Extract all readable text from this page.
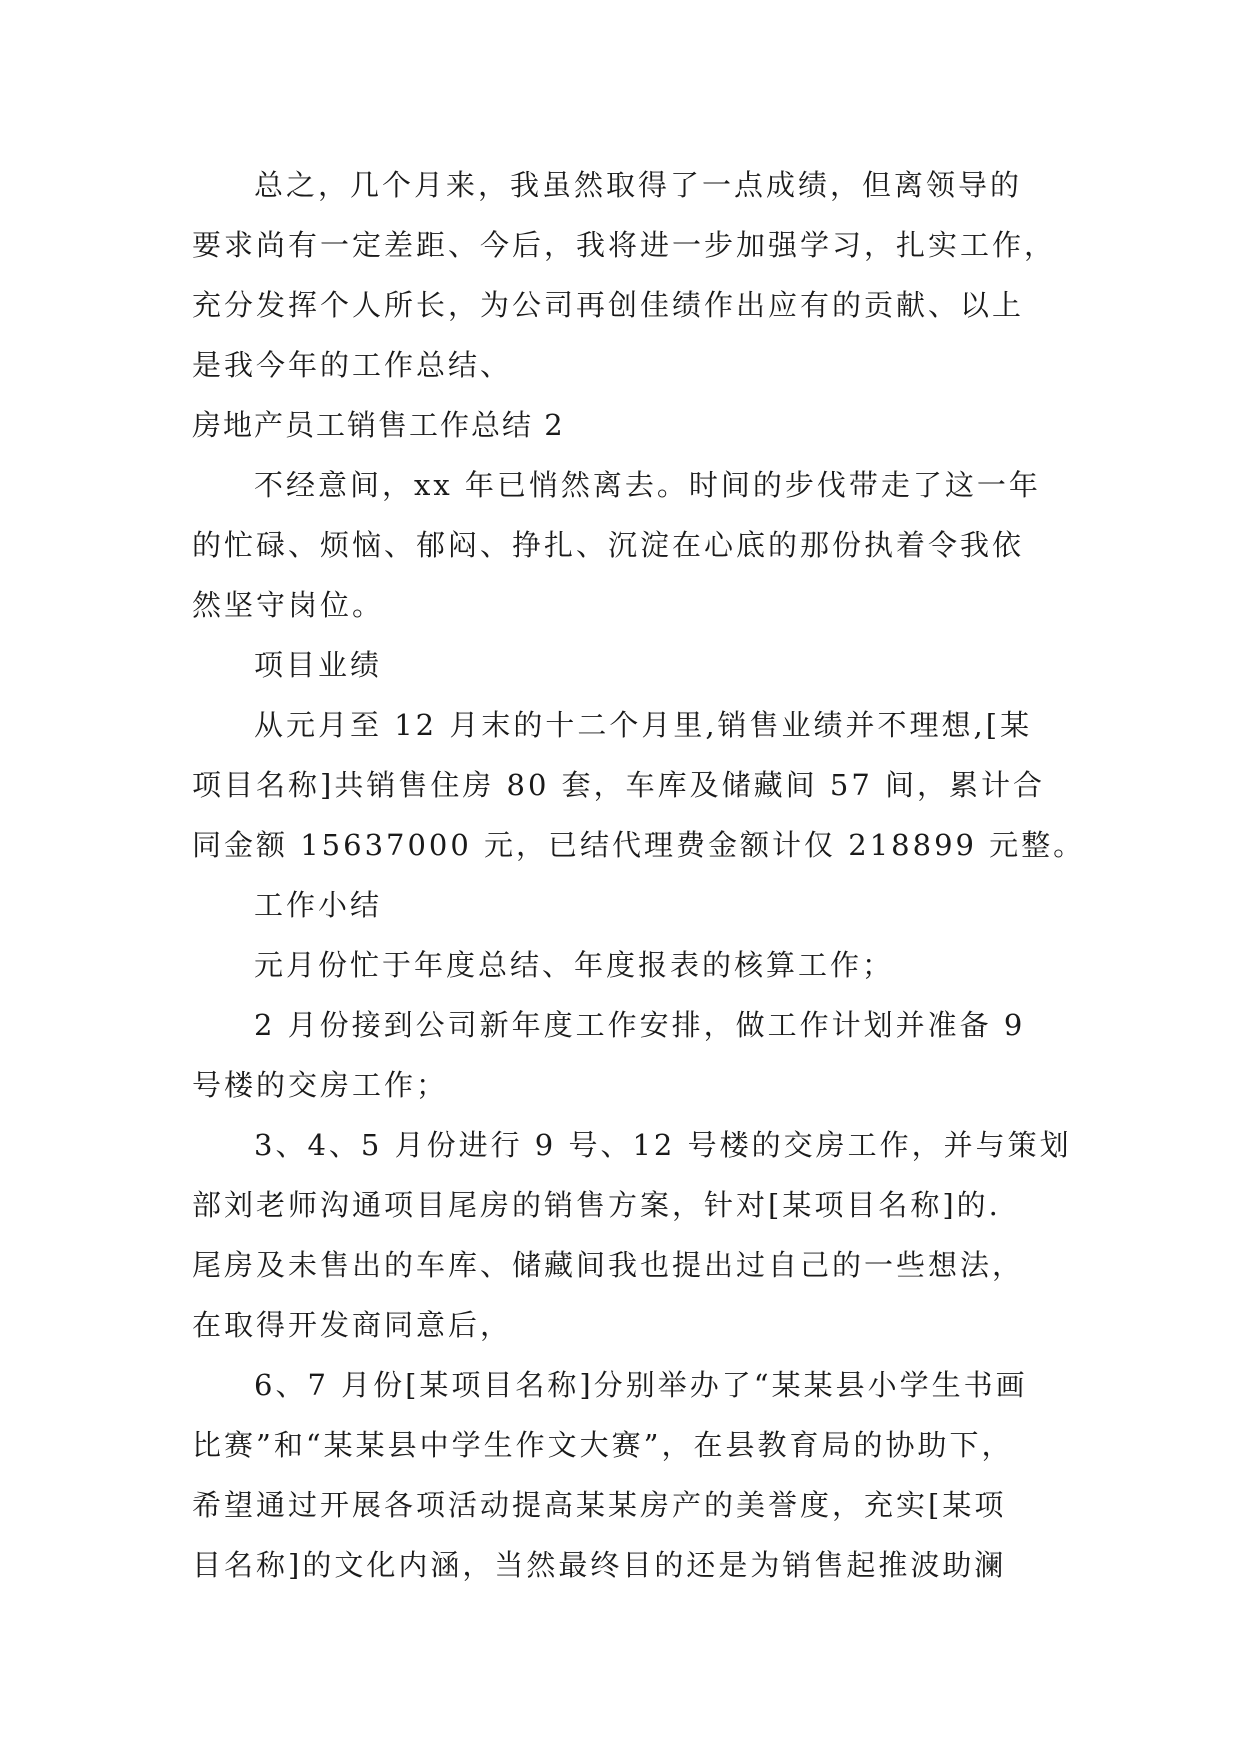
总之，几个月来，我虽然取得了一点成绩，但离领导的
要求尚有一定差距、今后，我将进一步加强学习，扎实工作，
充分发挥个人所长，为公司再创佳绩作出应有的贡献、以上
是我今年的工作总结、
房地产员工销售工作总结 2
不经意间，xx 年已悄然离去。时间的步伐带走了这一年
的忙碌、烦恼、郁闷、挣扎、沉淀在心底的那份执着令我依
然坚守岗位。
项目业绩
从元月至 12 月末的十二个月里,销售业绩并不理想,[某
项目名称]共销售住房 80 套，车库及储藏间 57 间，累计合
同金额 15637000 元，已结代理费金额计仅 218899 元整。
工作小结
元月份忙于年度总结、年度报表的核算工作；
2 月份接到公司新年度工作安排，做工作计划并准备 9
号楼的交房工作；
3、4、5 月份进行 9 号、12 号楼的交房工作，并与策划
部刘老师沟通项目尾房的销售方案，针对[某项目名称]的.
尾房及未售出的车库、储藏间我也提出过自己的一些想法，
在取得开发商同意后，
6、7 月份[某项目名称]分别举办了“某某县小学生书画
比赛”和“某某县中学生作文大赛”，在县教育局的协助下，
希望通过开展各项活动提高某某房产的美誉度，充实[某项
目名称]的文化内涵，当然最终目的还是为销售起推波助澜
